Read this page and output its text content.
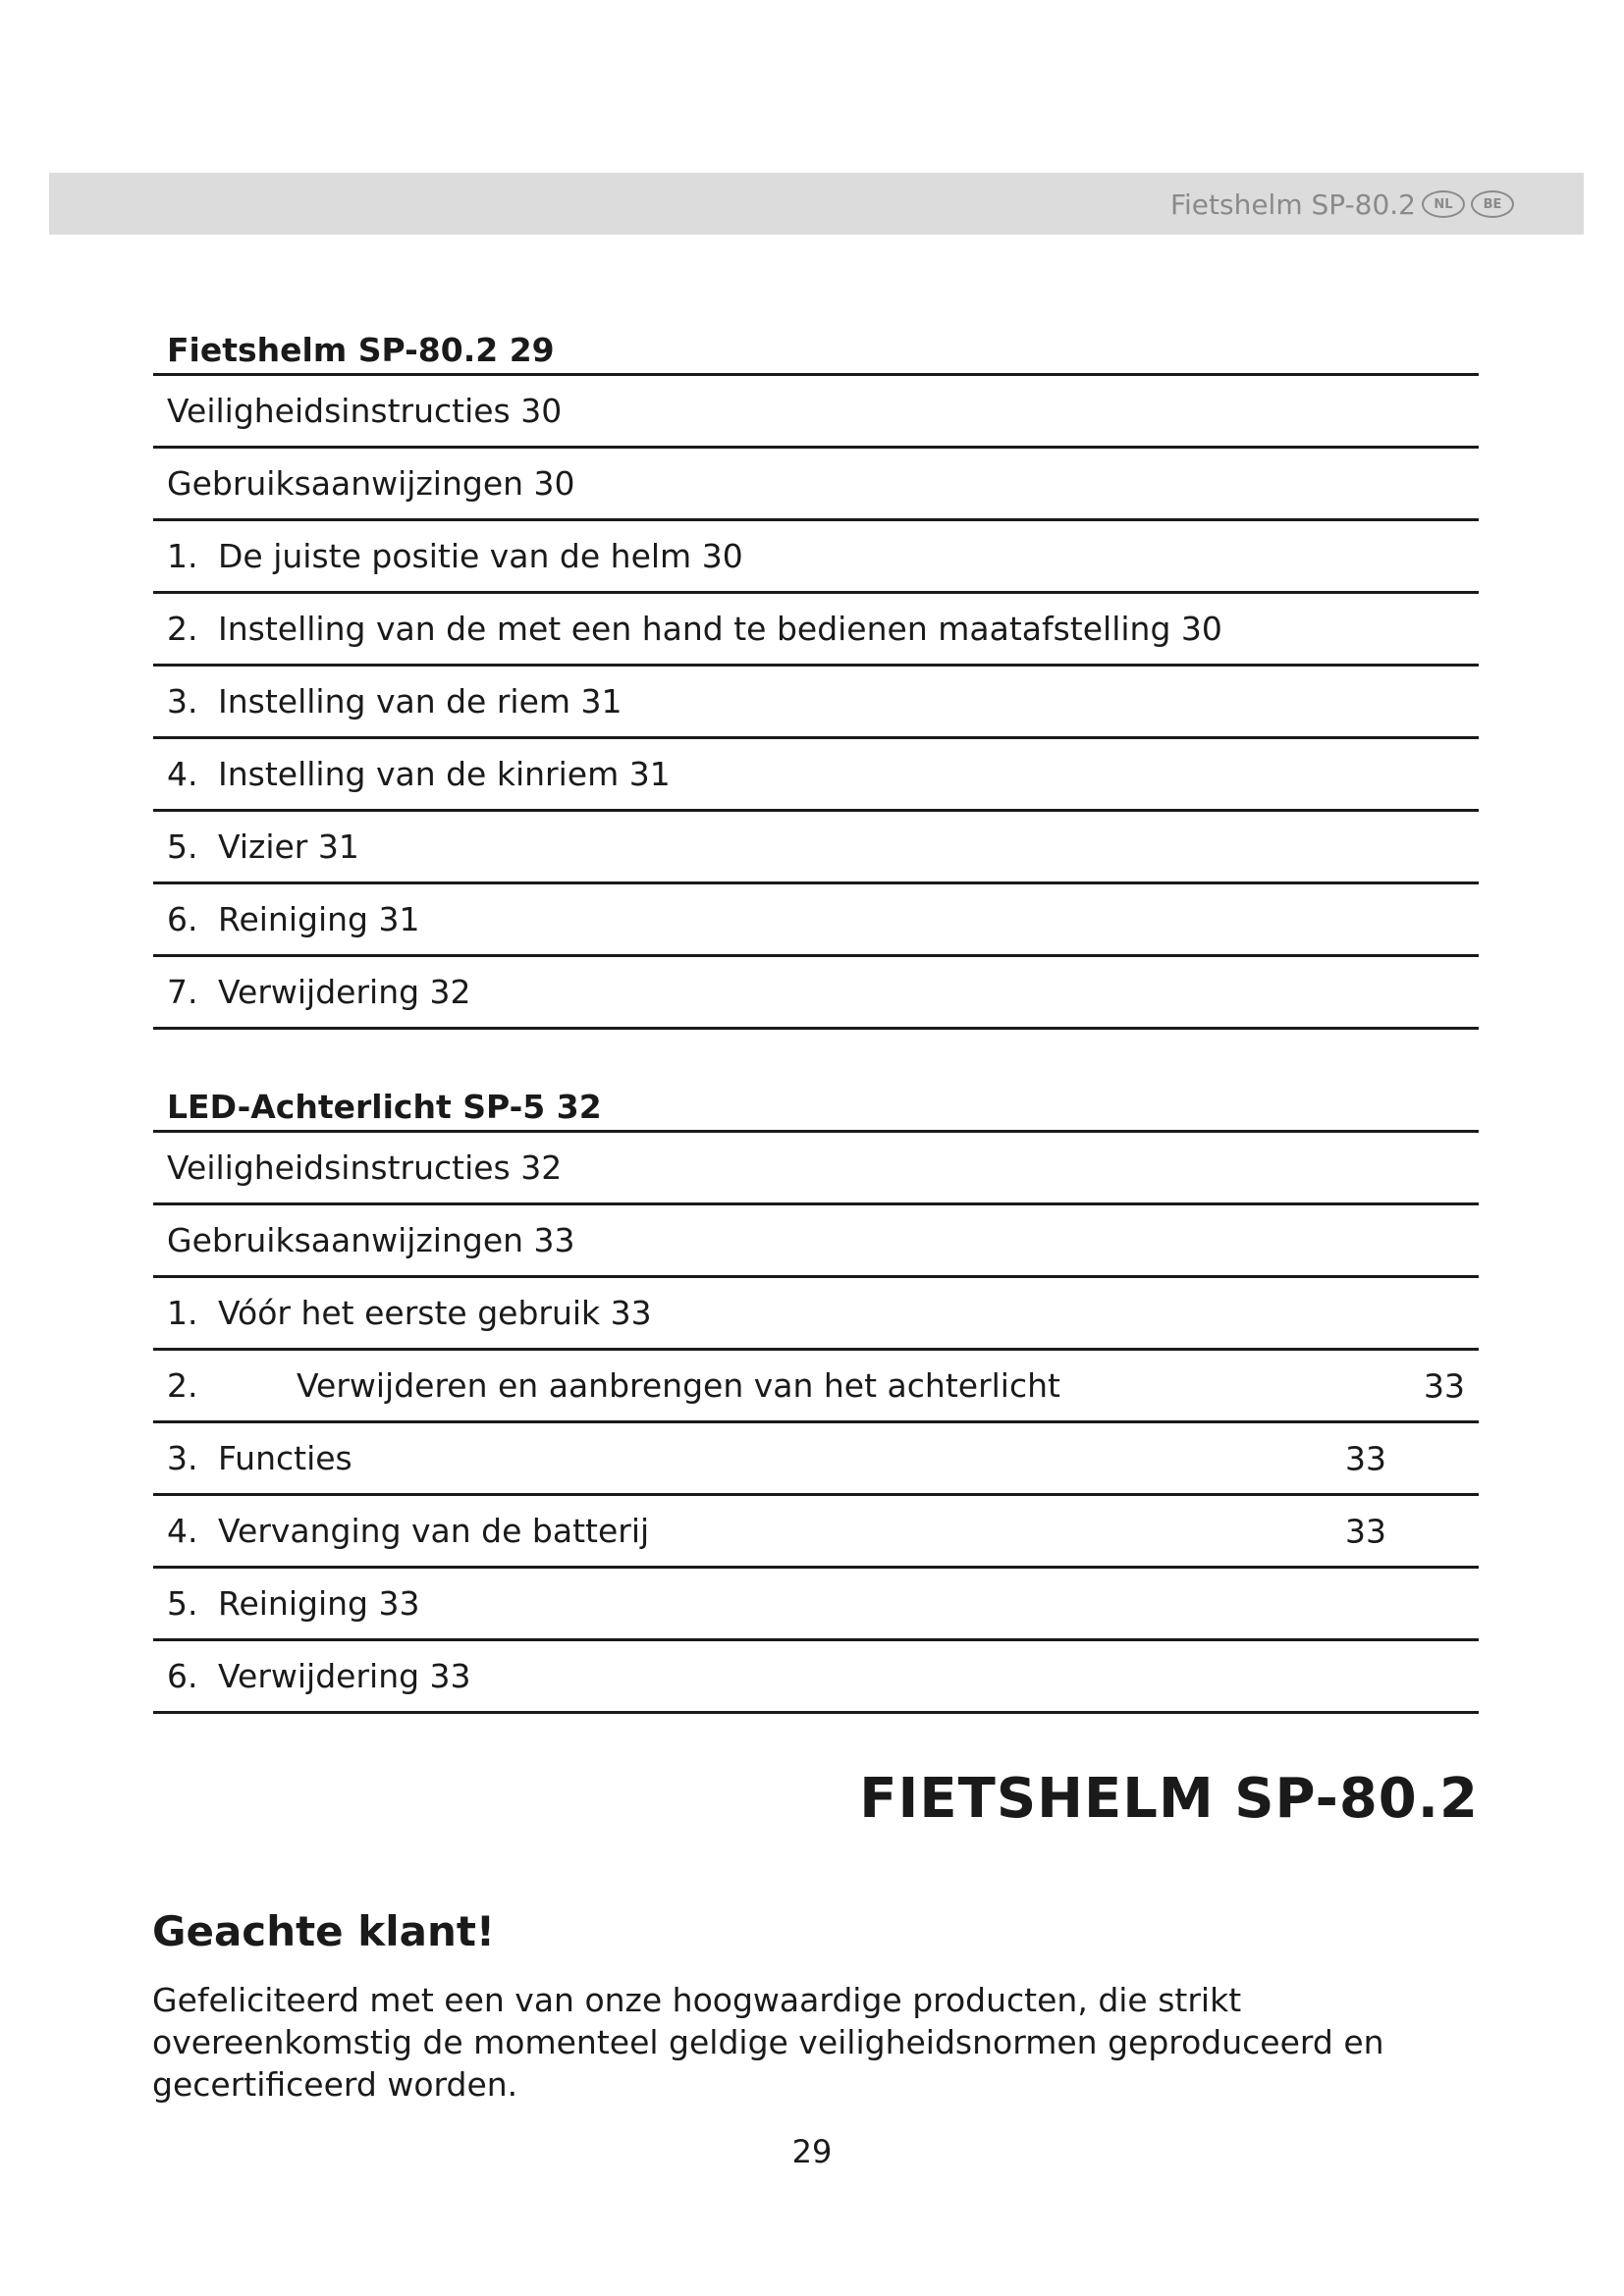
Fietshelm SP-80.2	NL	BE
Fietshelm SP-80.2 29
Veiligheidsinstructies 30
Gebruiksaanwijzingen 30
1. De juiste positie van de helm 30
2. Instelling van de met een hand te bedienen maatafstelling 30
3. Instelling van de riem 31
4. Instelling van de kinriem 31
5. Vizier 31
6. Reiniging 31
7. Verwijdering 32
LED-Achterlicht SP-5 32
Veiligheidsinstructies 32
Gebruiksaanwijzingen 33
1. Vóór het eerste gebruik 33
2.	Verwijderen en aanbrengen van het achterlicht	33
3. Functies	33
4. Vervanging van de batterij	33
5. Reiniging 33
6. Verwijdering 33
FIETSHELM SP-80.2
Geachte klant!
Gefeliciteerd met een van onze hoogwaardige producten, die strikt overeenkomstig de momenteel geldige veiligheidsnormen geproduceerd en gecertificeerd worden.
29
